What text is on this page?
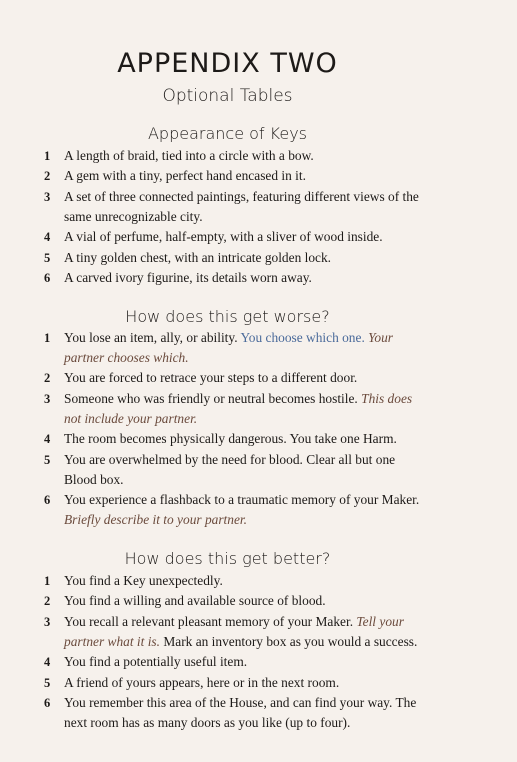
APPENDIX TWO
Optional Tables
Appearance of Keys
1	A length of braid, tied into a circle with a bow.
2	A gem with a tiny, perfect hand encased in it.
3	A set of three connected paintings, featuring different views of the same unrecognizable city.
4	A vial of perfume, half-empty, with a sliver of wood inside.
5	A tiny golden chest, with an intricate golden lock.
6	A carved ivory figurine, its details worn away.
How does this get worse?
1	You lose an item, ally, or ability. You choose which one. Your partner chooses which.
2	You are forced to retrace your steps to a different door.
3	Someone who was friendly or neutral becomes hostile. This does not include your partner.
4	The room becomes physically dangerous. You take one Harm.
5	You are overwhelmed by the need for blood. Clear all but one Blood box.
6	You experience a flashback to a traumatic memory of your Maker. Briefly describe it to your partner.
How does this get better?
1	You find a Key unexpectedly.
2	You find a willing and available source of blood.
3	You recall a relevant pleasant memory of your Maker. Tell your partner what it is. Mark an inventory box as you would a success.
4	You find a potentially useful item.
5	A friend of yours appears, here or in the next room.
6	You remember this area of the House, and can find your way. The next room has as many doors as you like (up to four).
